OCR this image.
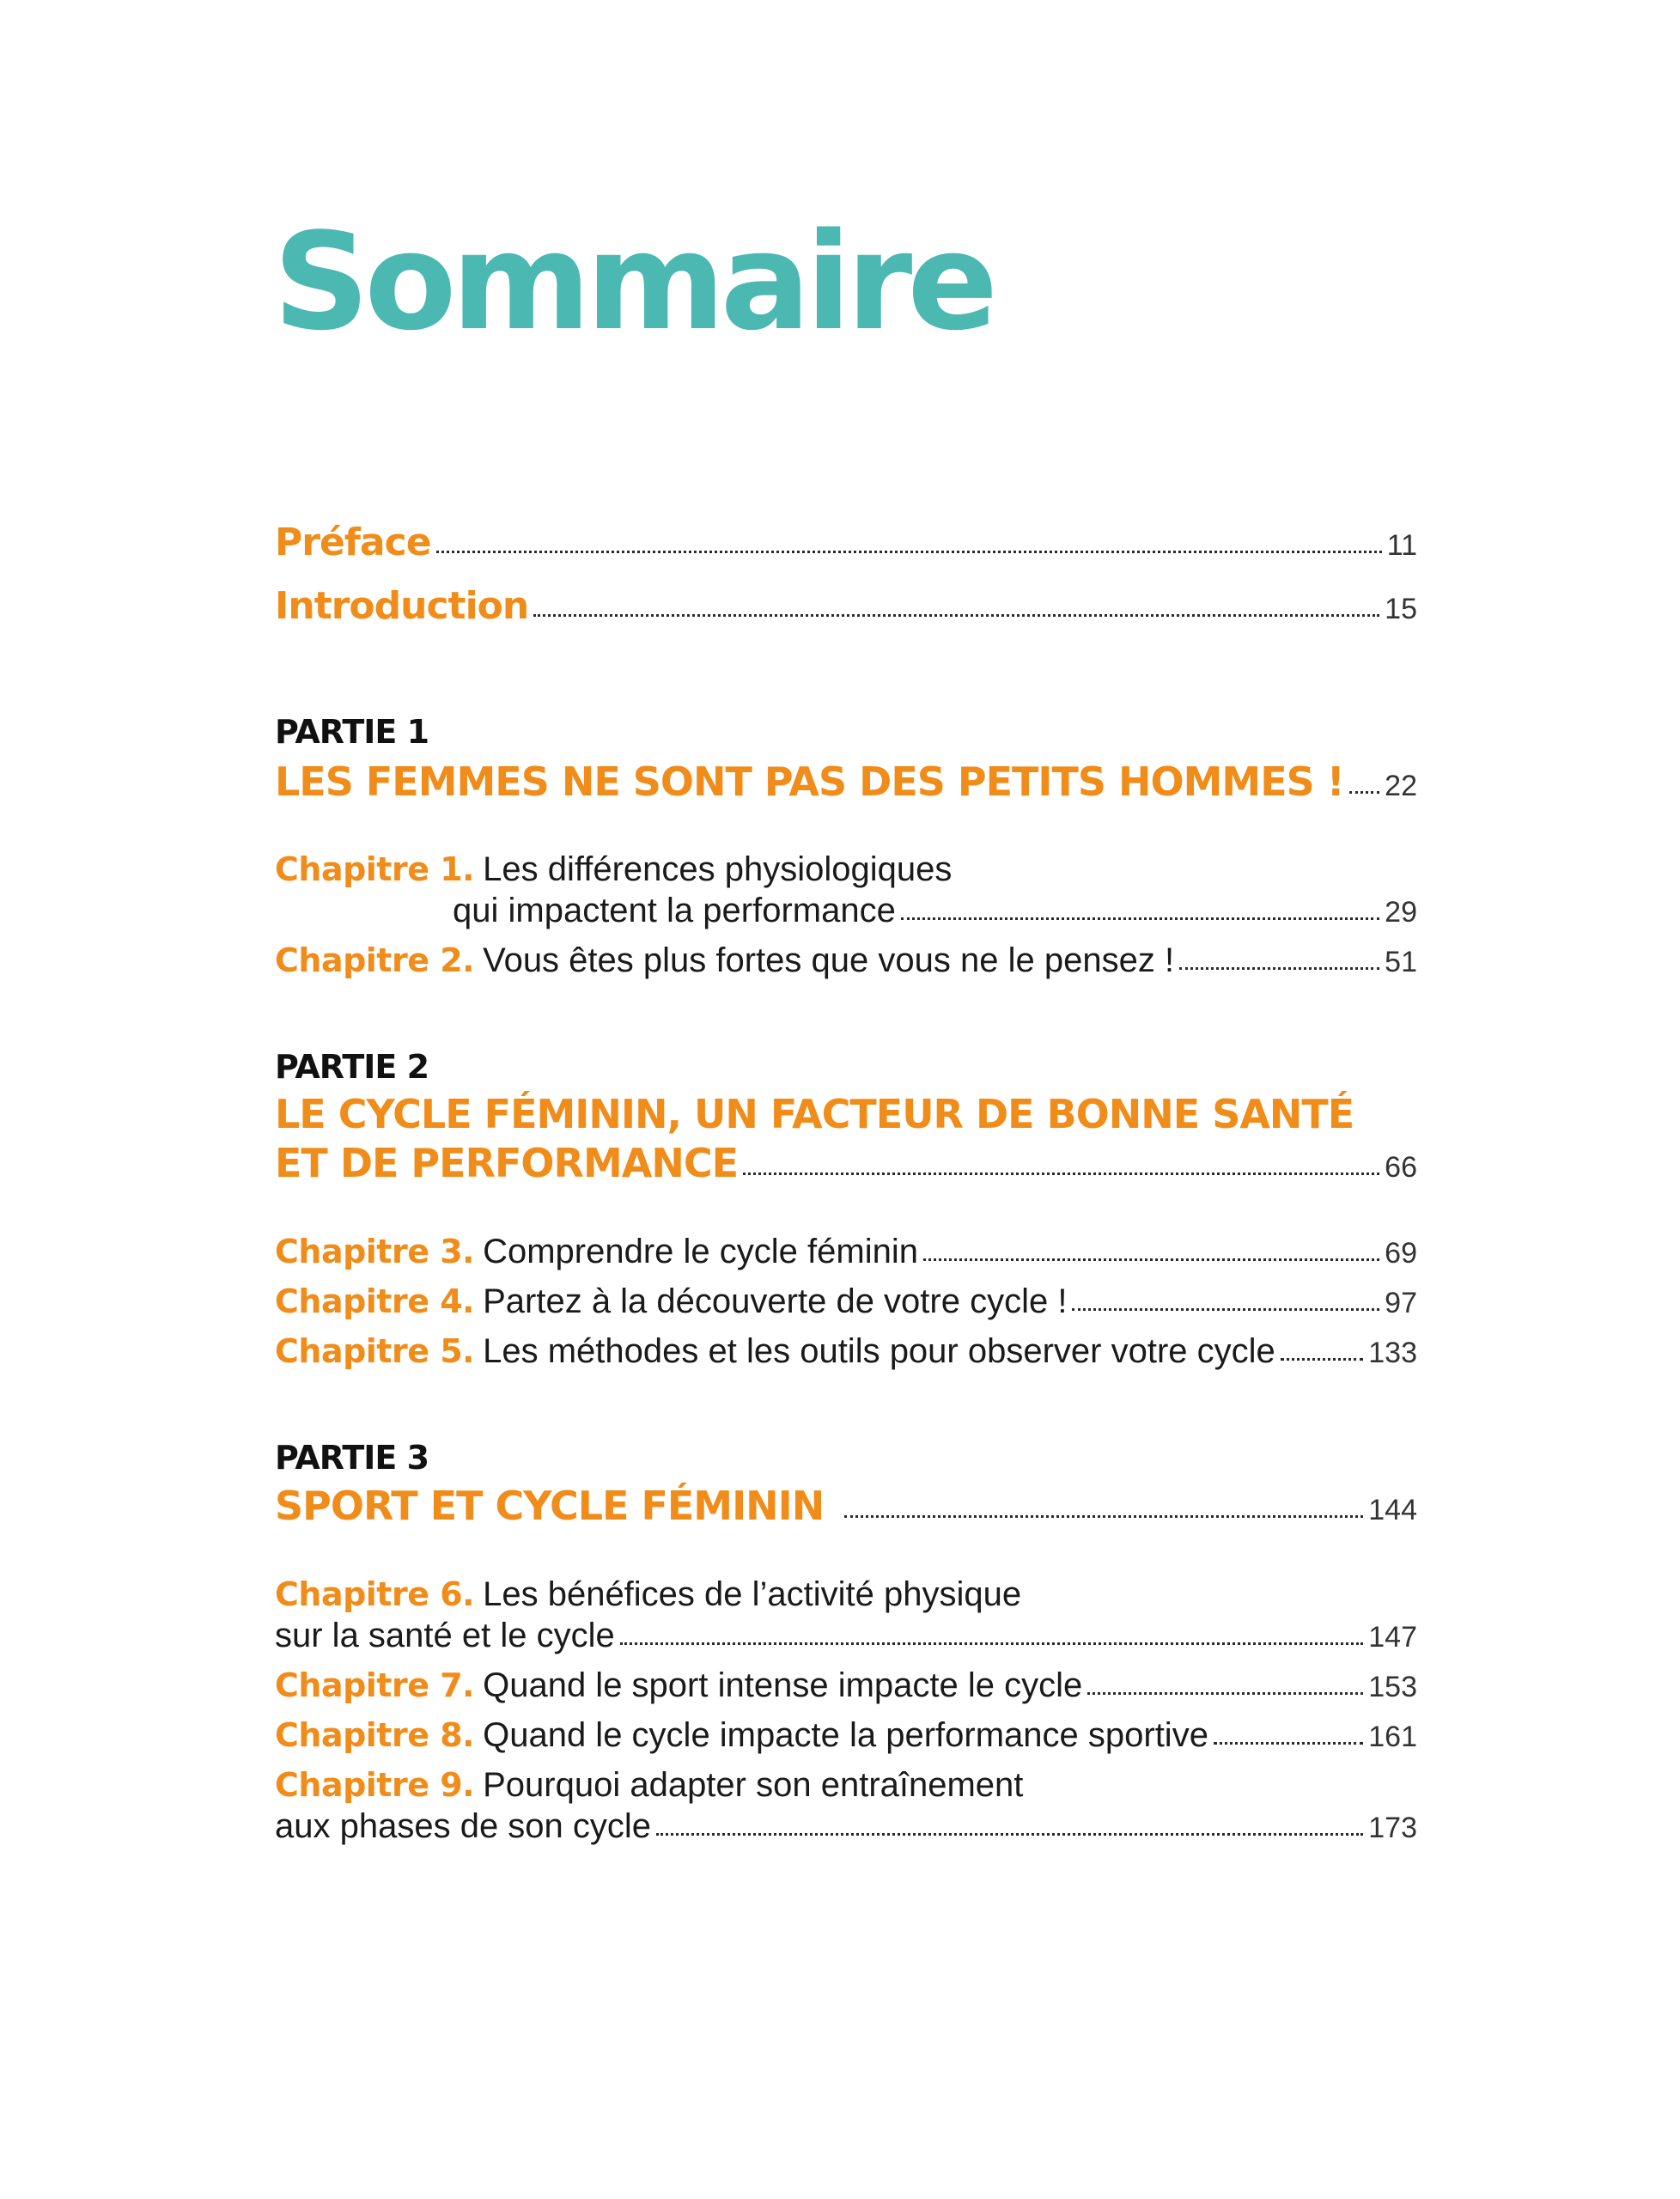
Sommaire
Préface	11
Introduction	15
PARTIE 1
LES FEMMES NE SONT PAS DES PETITS HOMMES ! 22
Chapitre 1. Les différences physiologiques
qui impactent la performance	29
Chapitre 2. Vous êtes plus fortes que vous ne le pensez !	51
PARTIE 2
LE CYCLE FÉMININ, UN FACTEUR DE BONNE SANTÉ
ET DE PERFORMANCE	66
Chapitre 3. Comprendre le cycle féminin	69
Chapitre 4. Partez à la découverte de votre cycle !	97
Chapitre 5. Les méthodes et les outils pour observer votre cycle	133
PARTIE 3
SPORT ET CYCLE FÉMININ	144
Chapitre 6. Les bénéfices de l’activité physique
sur la santé et le cycle	147
Chapitre 7. Quand le sport intense impacte le cycle	153
Chapitre 8. Quand le cycle impacte la performance sportive	161
Chapitre 9. Pourquoi adapter son entraînement
aux phases de son cycle	173
